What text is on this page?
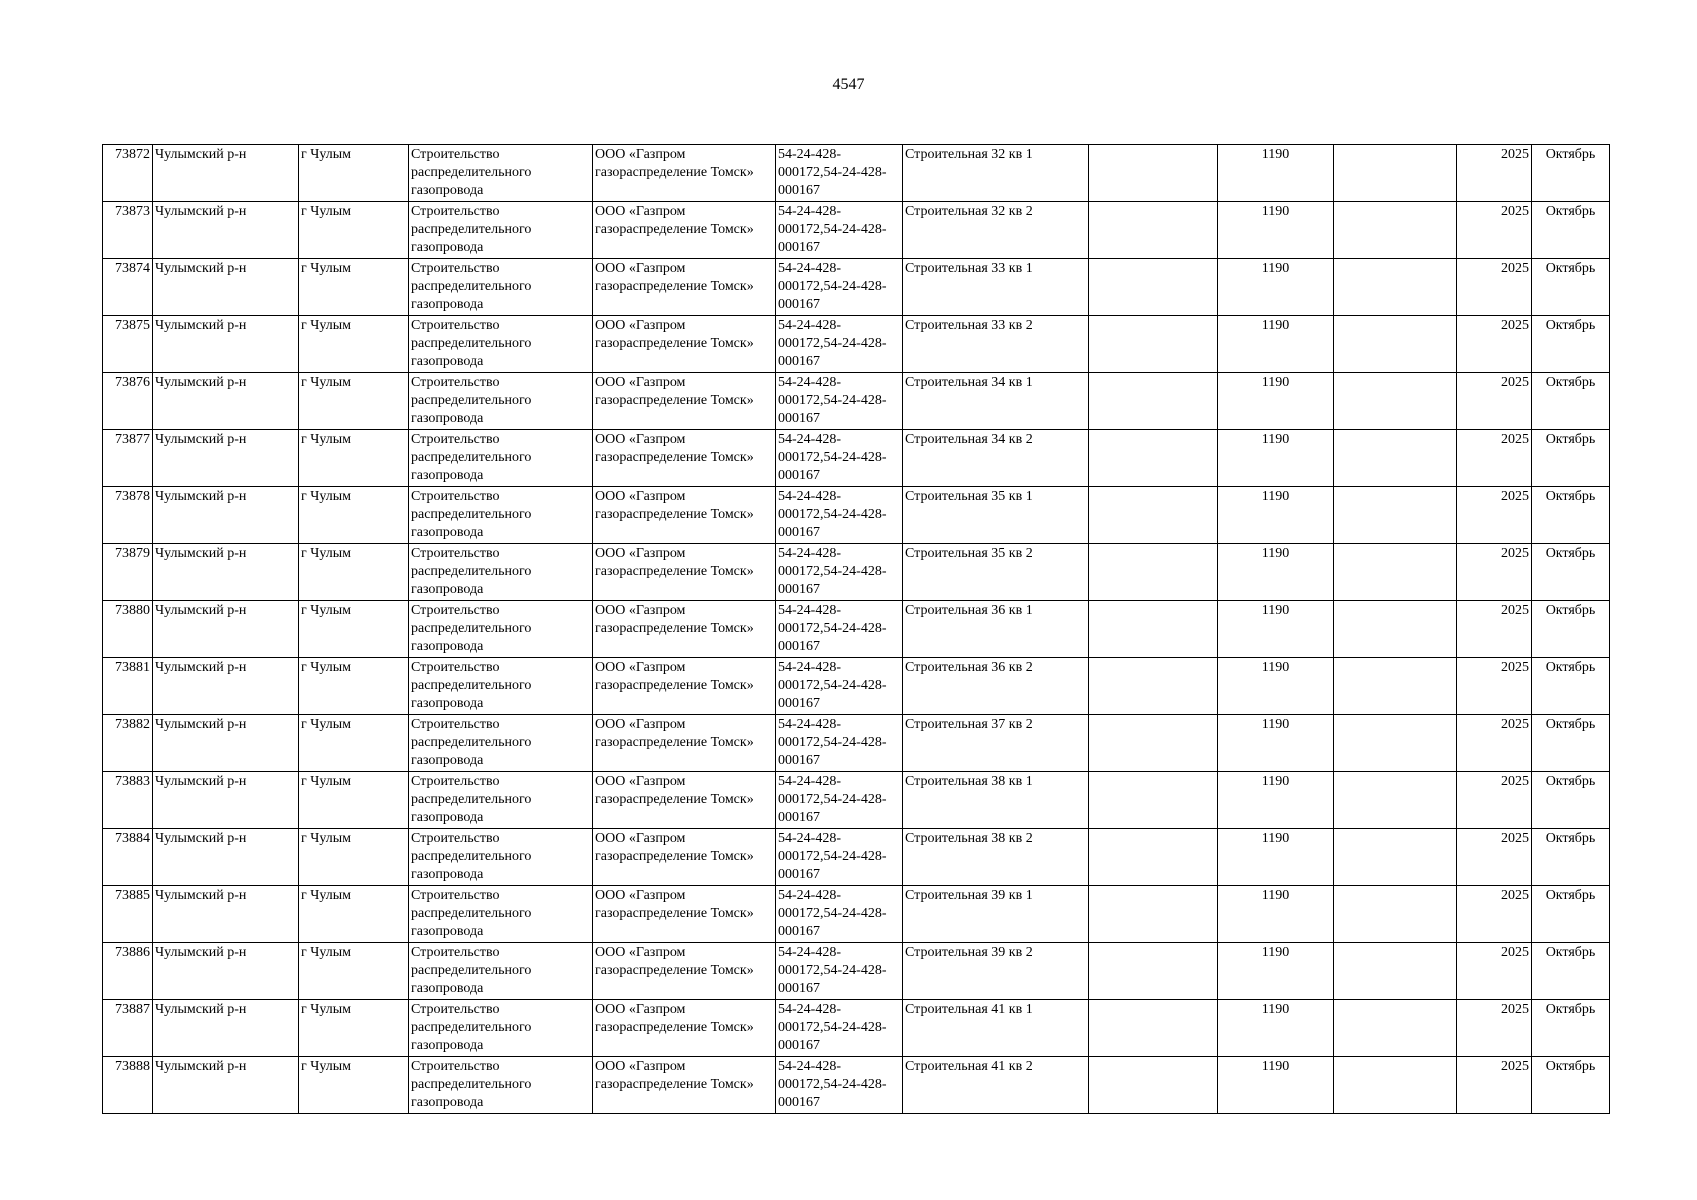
4547
73872	Чулымский р-н	г Чулым	Строительство распределительного газопровода	ООО «Газпром газораспределение Томск»	54-24-428-000172,54-24-428-000167	Строительная 32 кв 1		1190		2025	Октябрь
73873	Чулымский р-н	г Чулым	Строительство распределительного газопровода	ООО «Газпром газораспределение Томск»	54-24-428-000172,54-24-428-000167	Строительная 32 кв 2		1190		2025	Октябрь
73874	Чулымский р-н	г Чулым	Строительство распределительного газопровода	ООО «Газпром газораспределение Томск»	54-24-428-000172,54-24-428-000167	Строительная 33 кв 1		1190		2025	Октябрь
73875	Чулымский р-н	г Чулым	Строительство распределительного газопровода	ООО «Газпром газораспределение Томск»	54-24-428-000172,54-24-428-000167	Строительная 33 кв 2		1190		2025	Октябрь
73876	Чулымский р-н	г Чулым	Строительство распределительного газопровода	ООО «Газпром газораспределение Томск»	54-24-428-000172,54-24-428-000167	Строительная 34 кв 1		1190		2025	Октябрь
73877	Чулымский р-н	г Чулым	Строительство распределительного газопровода	ООО «Газпром газораспределение Томск»	54-24-428-000172,54-24-428-000167	Строительная 34 кв 2		1190		2025	Октябрь
73878	Чулымский р-н	г Чулым	Строительство распределительного газопровода	ООО «Газпром газораспределение Томск»	54-24-428-000172,54-24-428-000167	Строительная 35 кв 1		1190		2025	Октябрь
73879	Чулымский р-н	г Чулым	Строительство распределительного газопровода	ООО «Газпром газораспределение Томск»	54-24-428-000172,54-24-428-000167	Строительная 35 кв 2		1190		2025	Октябрь
73880	Чулымский р-н	г Чулым	Строительство распределительного газопровода	ООО «Газпром газораспределение Томск»	54-24-428-000172,54-24-428-000167	Строительная 36 кв 1		1190		2025	Октябрь
73881	Чулымский р-н	г Чулым	Строительство распределительного газопровода	ООО «Газпром газораспределение Томск»	54-24-428-000172,54-24-428-000167	Строительная 36 кв 2		1190		2025	Октябрь
73882	Чулымский р-н	г Чулым	Строительство распределительного газопровода	ООО «Газпром газораспределение Томск»	54-24-428-000172,54-24-428-000167	Строительная 37 кв 2		1190		2025	Октябрь
73883	Чулымский р-н	г Чулым	Строительство распределительного газопровода	ООО «Газпром газораспределение Томск»	54-24-428-000172,54-24-428-000167	Строительная 38 кв 1		1190		2025	Октябрь
73884	Чулымский р-н	г Чулым	Строительство распределительного газопровода	ООО «Газпром газораспределение Томск»	54-24-428-000172,54-24-428-000167	Строительная 38 кв 2		1190		2025	Октябрь
73885	Чулымский р-н	г Чулым	Строительство распределительного газопровода	ООО «Газпром газораспределение Томск»	54-24-428-000172,54-24-428-000167	Строительная 39 кв 1		1190		2025	Октябрь
73886	Чулымский р-н	г Чулым	Строительство распределительного газопровода	ООО «Газпром газораспределение Томск»	54-24-428-000172,54-24-428-000167	Строительная 39 кв 2		1190		2025	Октябрь
73887	Чулымский р-н	г Чулым	Строительство распределительного газопровода	ООО «Газпром газораспределение Томск»	54-24-428-000172,54-24-428-000167	Строительная 41 кв 1		1190		2025	Октябрь
73888	Чулымский р-н	г Чулым	Строительство распределительного газопровода	ООО «Газпром газораспределение Томск»	54-24-428-000172,54-24-428-000167	Строительная 41 кв 2		1190		2025	Октябрь
